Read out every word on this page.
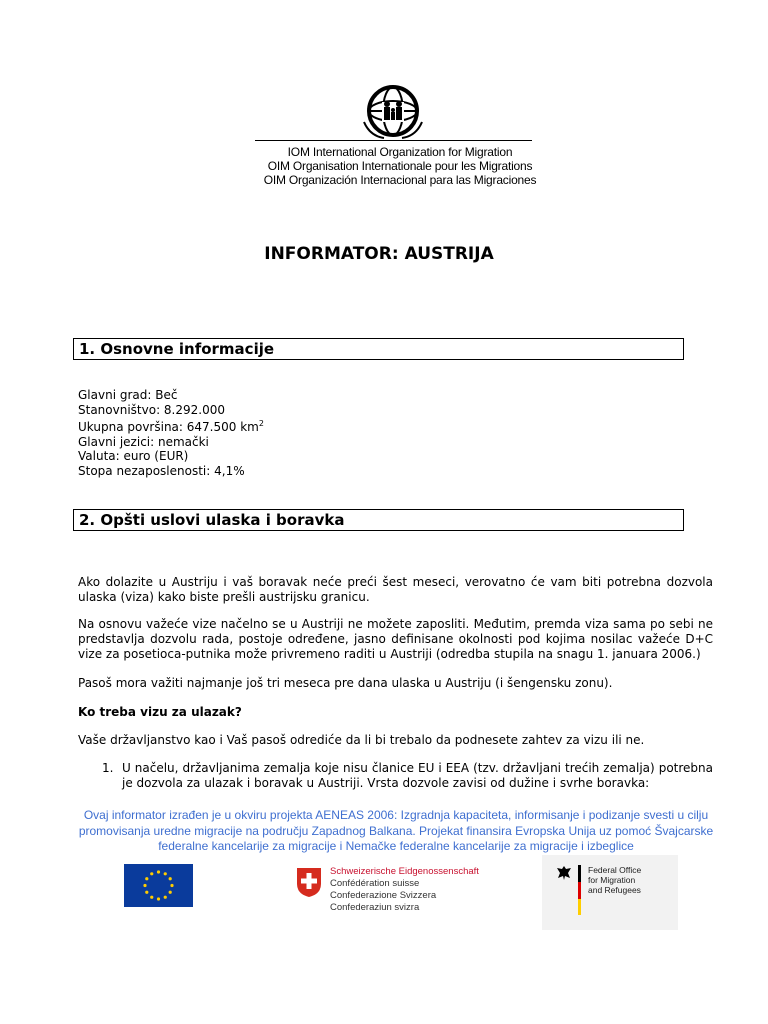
IOM International Organization for Migration
OIM Organisation Internationale pour les Migrations
OIM Organización Internacional para las Migraciones
INFORMATOR: AUSTRIJA
1. Osnovne informacije
Glavni grad: Beč
Stanovništvo: 8.292.000
Ukupna površina: 647.500 $km^2$
Glavni jezici: nemački
Valuta: euro (EUR)
Stopa nezaposlenosti: 4,1%
2. Opšti uslovi ulaska i boravka
Ako dolazite u Austriju i vaš boravak neće preći šest meseci, verovatno će vam biti potrebna dozvola ulaska (viza) kako biste prešli austrijsku granicu.
Na osnovu važeće vize načelno se u Austriji ne možete zaposliti. Međutim, premda viza sama po sebi ne predstavlja dozvolu rada, postoje određene, jasno definisane okolnosti pod kojima nosilac važeće D+C vize za posetioca-putnika može privremeno raditi u Austriji (odredba stupila na snagu 1. januara 2006.)
Pasoš mora važiti najmanje još tri meseca pre dana ulaska u Austriju (i šengensku zonu).
Ko treba vizu za ulazak?
Vaše državljanstvo kao i Vaš pasoš odrediće da li bi trebalo da podnesete zahtev za vizu ili ne.
1. U načelu, državljanima zemalja koje nisu članice EU i EEA (tzv. državljani trećih zemalja) potrebna je dozvola za ulazak i boravak u Austriji. Vrsta dozvole zavisi od dužine i svrhe boravka:
Ovaj informator izrađen je u okviru projekta AENEAS 2006: Izgradnja kapaciteta, informisanje i podizanje svesti u cilju promovisanja uredne migracije na području Zapadnog Balkana. Projekat finansira Evropska Unija uz pomoć Švajcarske federalne kancelarije za migracije i Nemačke federalne kancelarije za migracije i izbeglice
Schweizerische Eidgenossenschaft
Confédération suisse
Confederazione Svizzera
Confederaziun svizra
Federal Office
for Migration
and Refugees
